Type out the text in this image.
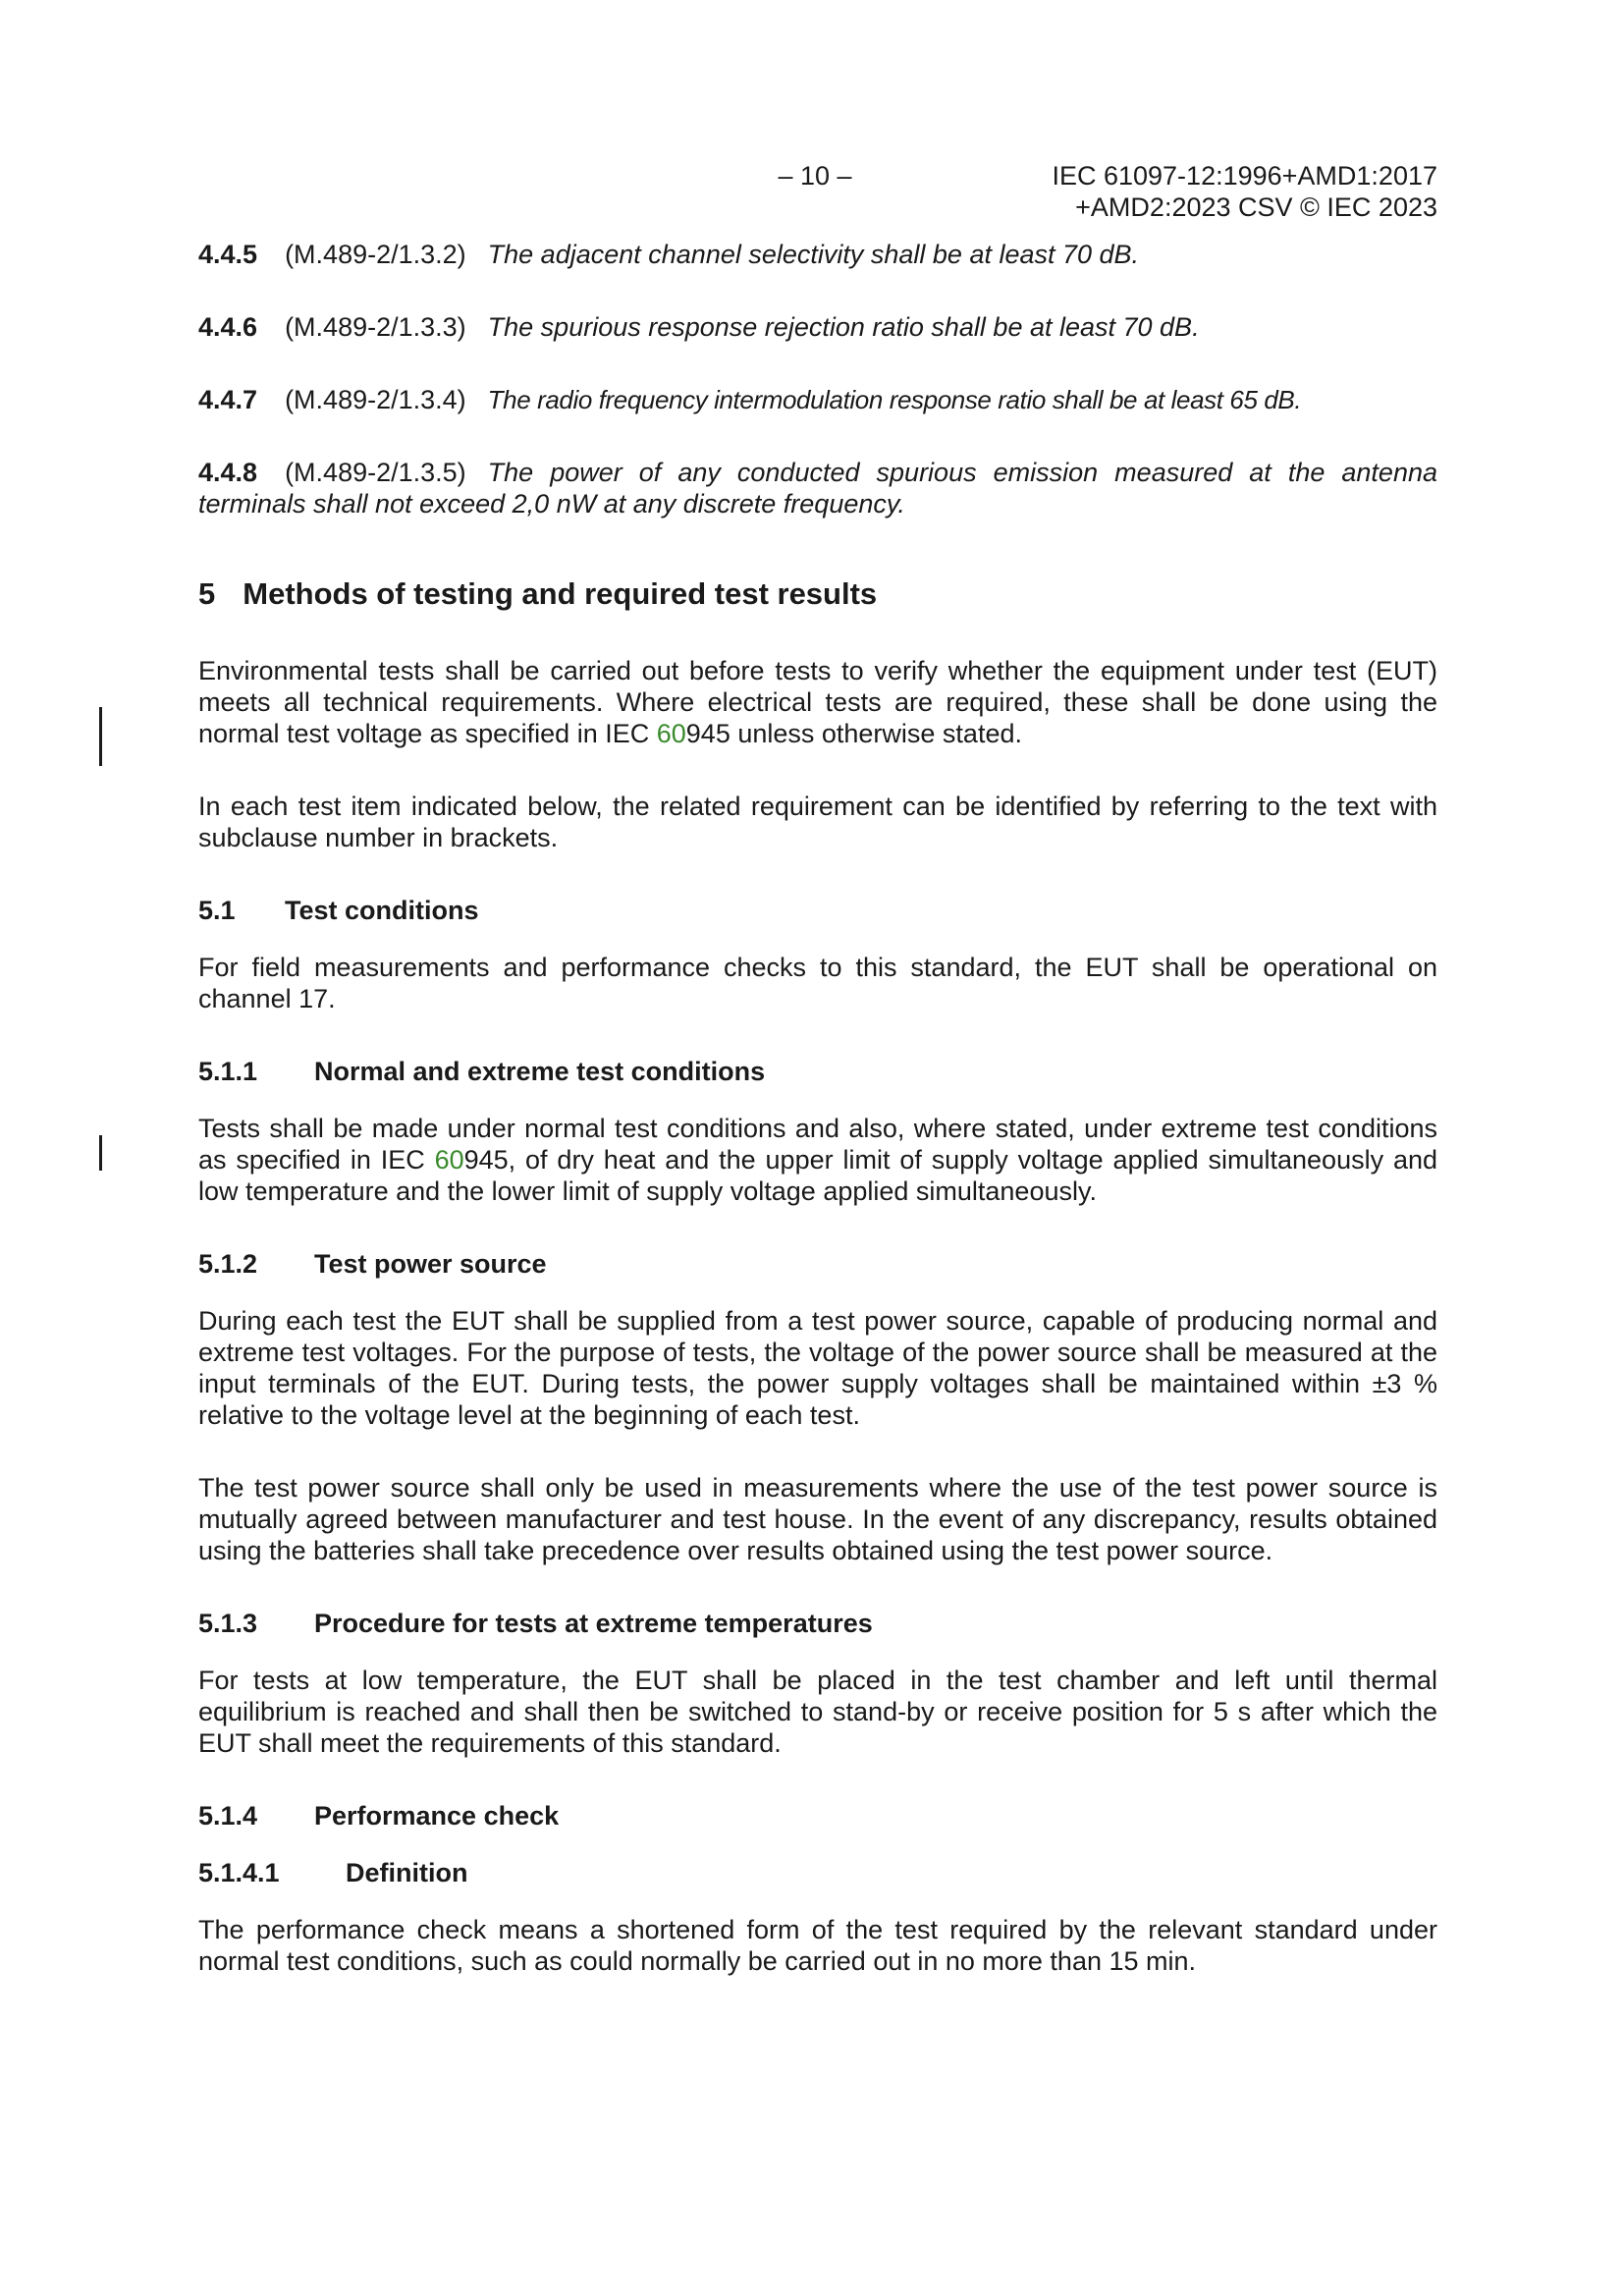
– 10 –	IEC 61097-12:1996+AMD1:2017
+AMD2:2023 CSV © IEC 2023
4.4.5 (M.489-2/1.3.2) The adjacent channel selectivity shall be at least 70 dB.
4.4.6 (M.489-2/1.3.3) The spurious response rejection ratio shall be at least 70 dB.
4.4.7 (M.489-2/1.3.4) The radio frequency intermodulation response ratio shall be at least 65 dB.
4.4.8 (M.489-2/1.3.5) The power of any conducted spurious emission measured at the antenna terminals shall not exceed 2,0 nW at any discrete frequency.
5 Methods of testing and required test results

Environmental tests shall be carried out before tests to verify whether the equipment under test (EUT) meets all technical requirements. Where electrical tests are required, these shall be done using the normal test voltage as specified in IEC 60945 unless otherwise stated.

In each test item indicated below, the related requirement can be identified by referring to the text with subclause number in brackets.

5.1 Test conditions

For field measurements and performance checks to this standard, the EUT shall be operational on channel 17.

5.1.1 Normal and extreme test conditions

Tests shall be made under normal test conditions and also, where stated, under extreme test conditions as specified in IEC 60945, of dry heat and the upper limit of supply voltage applied simultaneously and low temperature and the lower limit of supply voltage applied simultaneously.

5.1.2 Test power source

During each test the EUT shall be supplied from a test power source, capable of producing normal and extreme test voltages. For the purpose of tests, the voltage of the power source shall be measured at the input terminals of the EUT. During tests, the power supply voltages shall be maintained within ±3 % relative to the voltage level at the beginning of each test.

The test power source shall only be used in measurements where the use of the test power source is mutually agreed between manufacturer and test house. In the event of any discrepancy, results obtained using the batteries shall take precedence over results obtained using the test power source.

5.1.3 Procedure for tests at extreme temperatures

For tests at low temperature, the EUT shall be placed in the test chamber and left until thermal equilibrium is reached and shall then be switched to stand-by or receive position for 5 s after which the EUT shall meet the requirements of this standard.

5.1.4 Performance check
5.1.4.1 Definition

The performance check means a shortened form of the test required by the relevant standard under normal test conditions, such as could normally be carried out in no more than 15 min.
